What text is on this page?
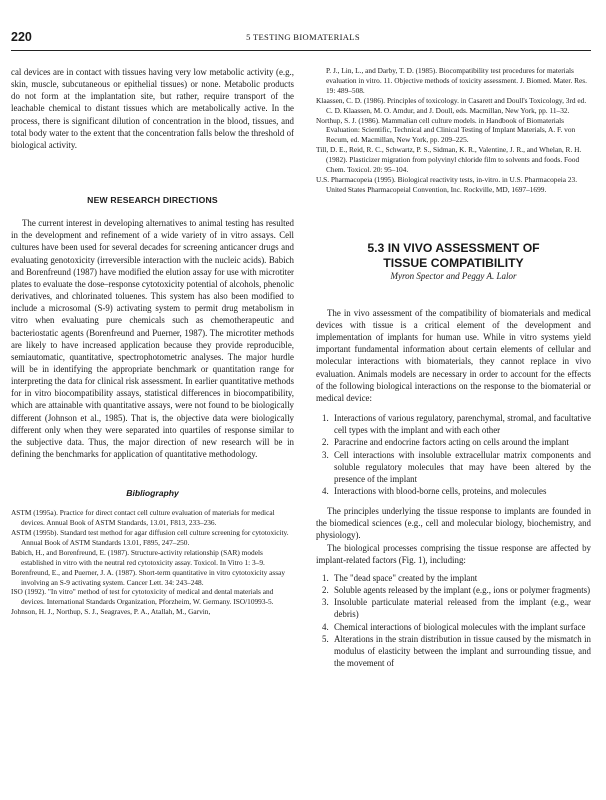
220	5 TESTING BIOMATERIALS

cal devices are in contact with tissues having very low metabolic activity (e.g., skin, muscle, subcutaneous or epithelial tissues) or none. Metabolic products do not form at the implantation site, but rather, require transport of the leachable chemical to distant tissues which are metabolically active. In the process, there is significant dilution of concentration in the blood, tissues, and total body water to the extent that the concentration falls below the threshold of biological activity.

NEW RESEARCH DIRECTIONS

The current interest in developing alternatives to animal testing has resulted in the development and refinement of a wide variety of in vitro assays. Cell cultures have been used for several decades for screening anticancer drugs and evaluating genotoxicity (irreversible interaction with the nucleic acids). Babich and Borenfreund (1987) have modified the elution assay for use with microtiter plates to evaluate the dose–response cytotoxicity potential of alcohols, phenolic derivatives, and chlorinated toluenes. This system has also been modified to include a microsomal (S-9) activating system to permit drug metabolism in vitro when evaluating pure chemicals such as chemotherapeutic and bacteriostatic agents (Borenfreund and Puerner, 1987). The microtiter methods are likely to have increased application because they provide reproducible, semiautomatic, quantitative, spectrophotometric analyses. The major hurdle will be in identifying the appropriate benchmark or quantitation range for interpreting the data for clinical risk assessment. In earlier quantitative methods for in vitro biocompatibility assays, statistical differences in biocompatibility, which are attainable with quantitative assays, were not found to be biologically different (Johnson et al., 1985). That is, the objective data were biologically different only when they were separated into quartiles of response similar to the subjective data. Thus, the major direction of new research will be in defining the benchmarks for application of quantitative methodology.

Bibliography

ASTM (1995a). Practice for direct contact cell culture evaluation of materials for medical devices. Annual Book of ASTM Standards, 13.01, F813, 233–236.
ASTM (1995b). Standard test method for agar diffusion cell culture screening for cytotoxicity. Annual Book of ASTM Standards 13.01, F895, 247–250.
Babich, H., and Borenfreund, E. (1987). Structure-activity relationship (SAR) models established in vitro with the neutral red cytotoxicity assay. Toxicol. In Vitro 1: 3–9.
Borenfreund, E., and Puerner, J. A. (1987). Short-term quantitative in vitro cytotoxicity assay involving an S-9 activating system. Cancer Lett. 34: 243–248.
ISO (1992). "In vitro" method of test for cytotoxicity of medical and dental materials and devices. International Standards Organization, Pforzheim, W. Germany. ISO/10993-5.
Johnson, H. J., Northup, S. J., Seagraves, P. A., Atallah, M., Garvin,
P. J., Lin, L., and Darby, T. D. (1985). Biocompatibility test procedures for materials evaluation in vitro. 11. Objective methods of toxicity assessment. J. Biomed. Mater. Res. 19: 489–508.
Klaassen, C. D. (1986). Principles of toxicology. in Casarett and Doull's Toxicology, 3rd ed. C. D. Klaassen, M. O. Amdur, and J. Doull, eds. Macmillan, New York, pp. 11–32.
Northup, S. J. (1986). Mammalian cell culture models. in Handbook of Biomaterials Evaluation: Scientific, Technical and Clinical Testing of Implant Materials, A. F. von Recum, ed. Macmillan, New York, pp. 209–225.
Till, D. E., Reid, R. C., Schwartz, P. S., Sidman, K. R., Valentine, J. R., and Whelan, R. H. (1982). Plasticizer migration from polyvinyl chloride film to solvents and foods. Food Chem. Toxicol. 20: 95–104.
U.S. Pharmacopeia (1995). Biological reactivity tests, in-vitro. in U.S. Pharmacopeia 23. United States Pharmacopeial Convention, Inc. Rockville, MD, 1697–1699.

5.3 IN VIVO ASSESSMENT OF
TISSUE COMPATIBILITY

Myron Spector and Peggy A. Lalor

The in vivo assessment of the compatibility of biomaterials and medical devices with tissue is a critical element of the development and implementation of implants for human use. While in vitro systems yield important fundamental information about certain elements of cellular and molecular interactions with biomaterials, they cannot replace in vivo evaluation. Animals models are necessary in order to account for the effects of the following biological interactions on the response to the biomaterial or medical device:

1. Interactions of various regulatory, parenchymal, stromal, and facultative cell types with the implant and with each other
2. Paracrine and endocrine factors acting on cells around the implant
3. Cell interactions with insoluble extracellular matrix components and soluble regulatory molecules that may have been altered by the presence of the implant
4. Interactions with blood-borne cells, proteins, and molecules

The principles underlying the tissue response to implants are founded in the biomedical sciences (e.g., cell and molecular biology, biochemistry, and physiology).

The biological processes comprising the tissue response are affected by implant-related factors (Fig. 1), including:

1. The "dead space" created by the implant
2. Soluble agents released by the implant (e.g., ions or polymer fragments)
3. Insoluble particulate material released from the implant (e.g., wear debris)
4. Chemical interactions of biological molecules with the implant surface
5. Alterations in the strain distribution in tissue caused by the mismatch in modulus of elasticity between the implant and surrounding tissue, and the movement of
